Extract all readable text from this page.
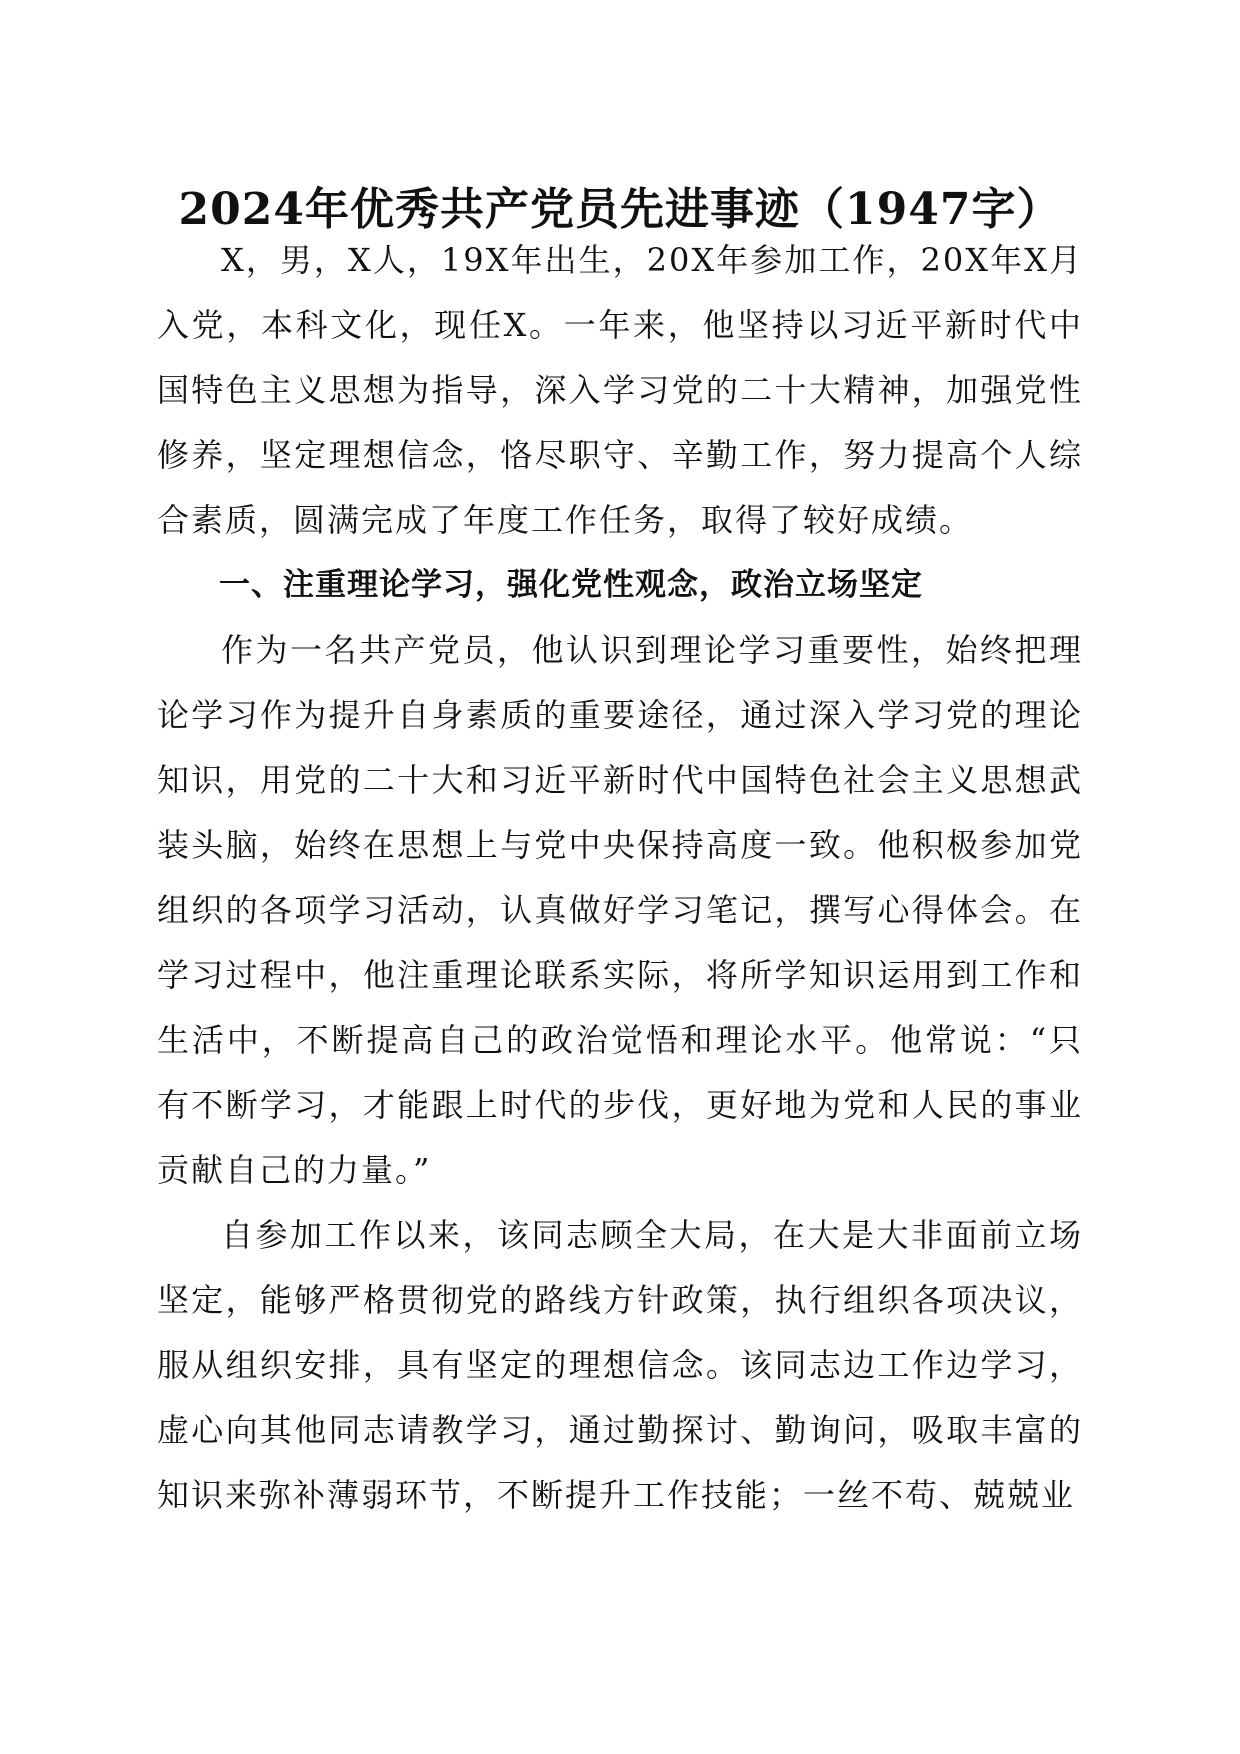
2024年优秀共产党员先进事迹（1947字）

X，男，X人，19X年出生，20X年参加工作，20X年X月入党，本科文化，现任X。一年来，他坚持以习近平新时代中国特色主义思想为指导，深入学习党的二十大精神，加强党性修养，坚定理想信念，恪尽职守、辛勤工作，努力提高个人综合素质，圆满完成了年度工作任务，取得了较好成绩。

一、注重理论学习，强化党性观念，政治立场坚定

作为一名共产党员，他认识到理论学习重要性，始终把理论学习作为提升自身素质的重要途径，通过深入学习党的理论知识，用党的二十大和习近平新时代中国特色社会主义思想武装头脑，始终在思想上与党中央保持高度一致。他积极参加党组织的各项学习活动，认真做好学习笔记，撰写心得体会。在学习过程中，他注重理论联系实际，将所学知识运用到工作和生活中，不断提高自己的政治觉悟和理论水平。他常说：“只有不断学习，才能跟上时代的步伐，更好地为党和人民的事业贡献自己的力量。”

自参加工作以来，该同志顾全大局，在大是大非面前立场坚定，能够严格贯彻党的路线方针政策，执行组织各项决议，服从组织安排，具有坚定的理想信念。该同志边工作边学习，虚心向其他同志请教学习，通过勤探讨、勤询问，吸取丰富的知识来弥补薄弱环节，不断提升工作技能；一丝不苟、兢兢业
